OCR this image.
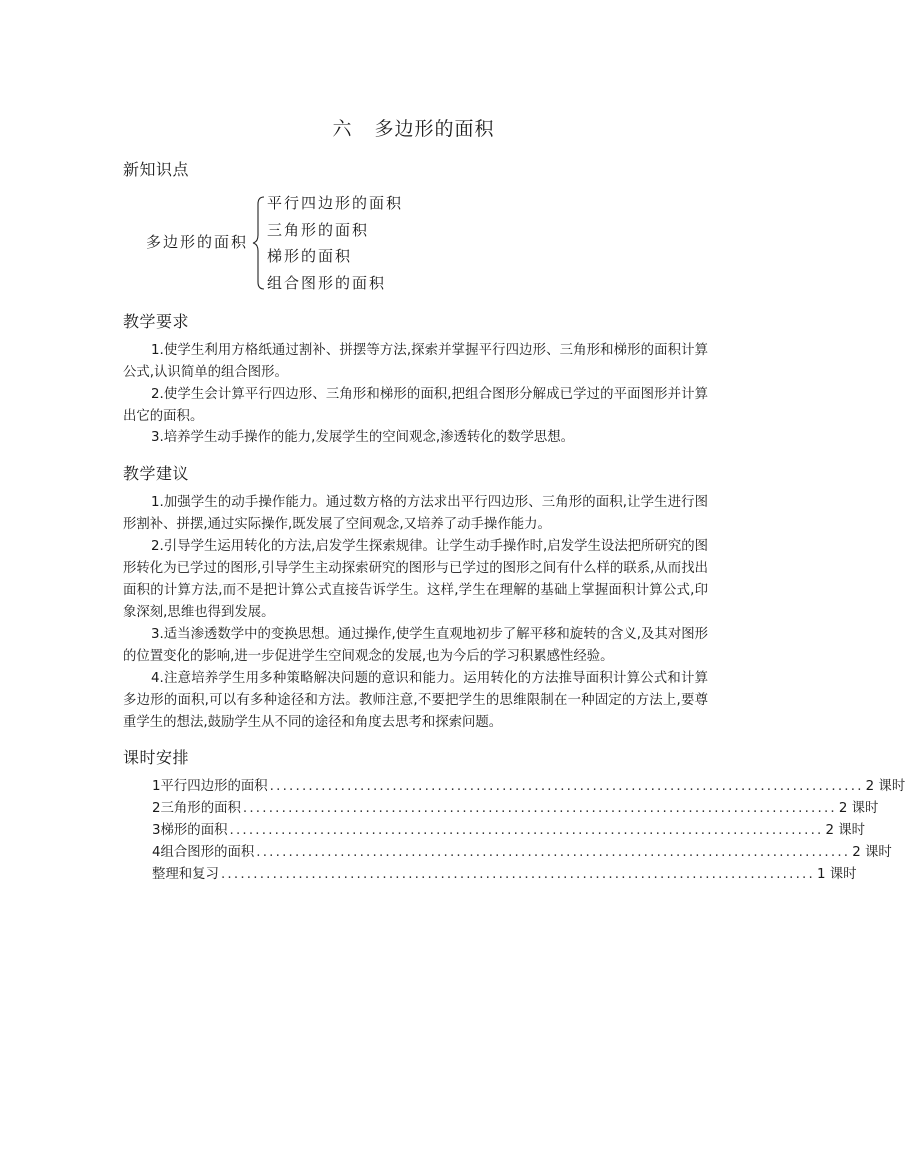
六 多边形的面积
新知识点
多边形的面积
平行四边形的面积
三角形的面积
梯形的面积
组合图形的面积
教学要求
1.使学生利用方格纸通过割补、拼摆等方法,探索并掌握平行四边形、三角形和梯形的面积计算公式,认识简单的组合图形。
2.使学生会计算平行四边形、三角形和梯形的面积,把组合图形分解成已学过的平面图形并计算出它的面积。
3.培养学生动手操作的能力,发展学生的空间观念,渗透转化的数学思想。
教学建议
1.加强学生的动手操作能力。通过数方格的方法求出平行四边形、三角形的面积,让学生进行图形割补、拼摆,通过实际操作,既发展了空间观念,又培养了动手操作能力。
2.引导学生运用转化的方法,启发学生探索规律。让学生动手操作时,启发学生设法把所研究的图形转化为已学过的图形,引导学生主动探索研究的图形与已学过的图形之间有什么样的联系,从而找出面积的计算方法,而不是把计算公式直接告诉学生。这样,学生在理解的基础上掌握面积计算公式,印象深刻,思维也得到发展。
3.适当渗透数学中的变换思想。通过操作,使学生直观地初步了解平移和旋转的含义,及其对图形的位置变化的影响,进一步促进学生空间观念的发展,也为今后的学习积累感性经验。
4.注意培养学生用多种策略解决问题的意识和能力。运用转化的方法推导面积计算公式和计算多边形的面积,可以有多种途径和方法。教师注意,不要把学生的思维限制在一种固定的方法上,要尊重学生的想法,鼓励学生从不同的途径和角度去思考和探索问题。
课时安排
1 平行四边形的面积 ............................................................................................ 2 课时
2 三角形的面积 ............................................................................................ 2 课时
3 梯形的面积 ............................................................................................ 2 课时
4 组合图形的面积 ............................................................................................ 2 课时
整理和复习 ............................................................................................ 1 课时
